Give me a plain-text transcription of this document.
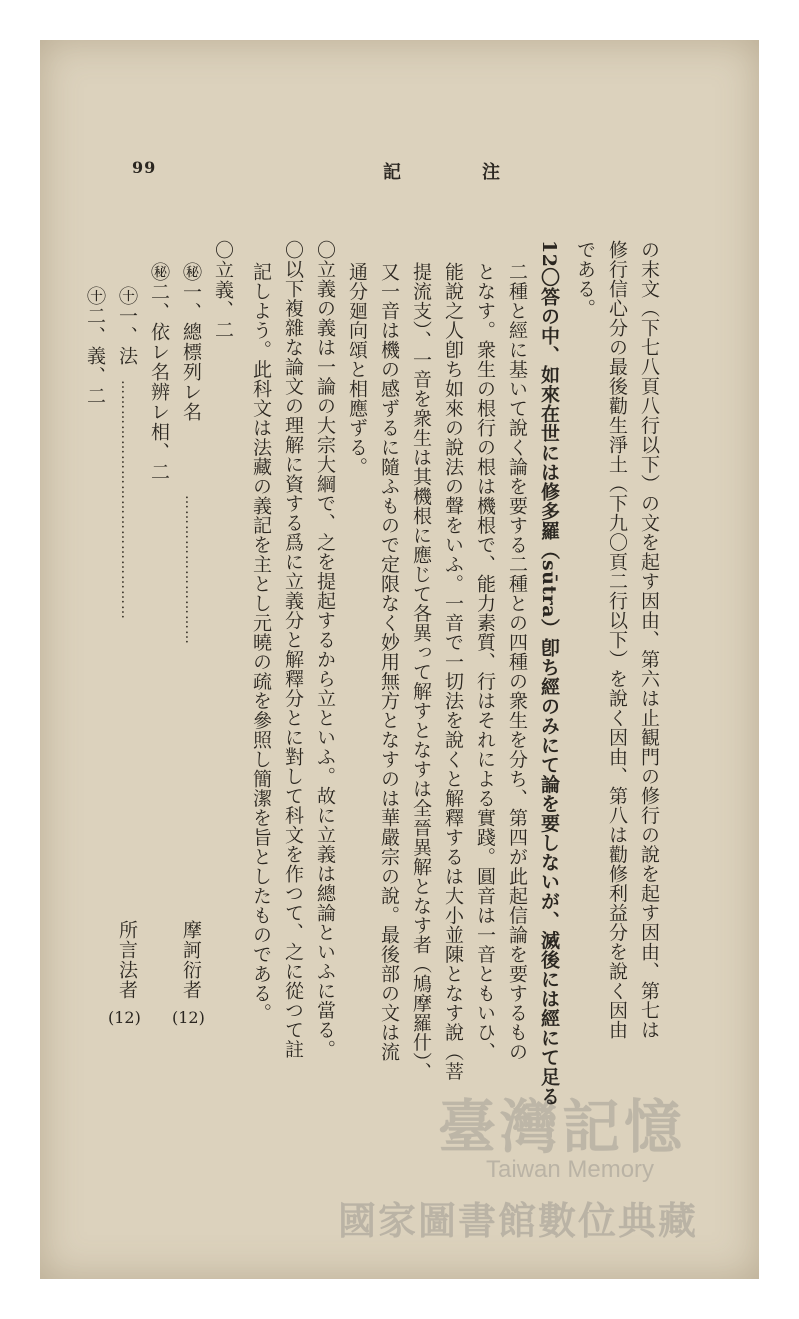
99	記	注
の末文（下七八頁八行以下）の文を起す因由、第六は止観門の修行の說を起す因由、第七は
修行信心分の最後勸生淨土（下九〇頁二行以下）を說く因由、第八は勸修利益分を說く因由
である。
12〇答の中、如來在世には修多羅（sūtra）卽ち經のみにて論を要しないが、滅後には經にて足る
二種と經に基いて說く論を要する二種との四種の衆生を分ち、第四が此起信論を要するもの
となす。衆生の根行の根は機根で、能力素質、行はそれによる實踐。圓音は一音ともいひ、
能說之人卽ち如來の說法の聲をいふ。一音で一切法を說くと解釋するは大小並陳となす說（菩
提流支）、一音を衆生は其機根に應じて各異って解すとなすは全晉異解となす者（鳩摩羅什）、
又一音は機の感ずるに隨ふもので定限なく妙用無方となすのは華嚴宗の說。最後部の文は流
通分廻向頌と相應ずる。
〇立義の義は一論の大宗大綱で、之を提起するから立といふ。故に立義は總論といふに當る。
〇以下複雜な論文の理解に資する爲に立義分と解釋分とに對して科文を作つて、之に從つて註
記しよう。此科文は法藏の義記を主とし元曉の疏を參照し簡潔を旨としたものである。
〇立義、二
㊙一、總標列レ名
…………………………
摩訶衍者
(12)
㊙二、依レ名辨レ相、二
㊉一、法
…………………………………………
所言法者
(12)
㊉二、義、二
臺灣記憶
Taiwan Memory
國家圖書館數位典藏
